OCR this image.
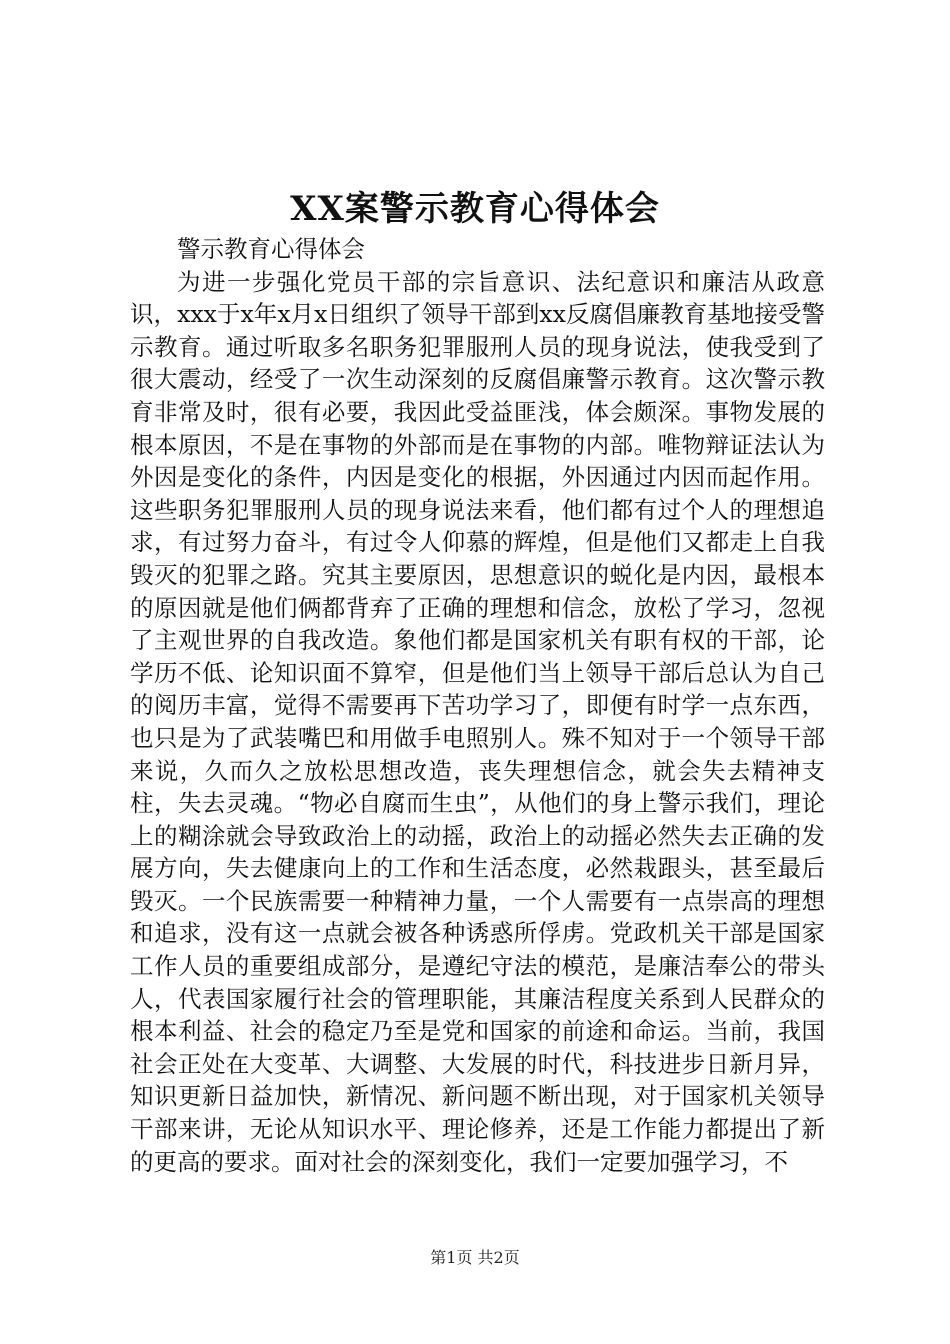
XX案警示教育心得体会

警示教育心得体会

为进一步强化党员干部的宗旨意识、法纪意识和廉洁从政意识，xxx于x年x月x日组织了领导干部到xx反腐倡廉教育基地接受警示教育。通过听取多名职务犯罪服刑人员的现身说法，使我受到了很大震动，经受了一次生动深刻的反腐倡廉警示教育。这次警示教育非常及时，很有必要，我因此受益匪浅，体会颇深。事物发展的根本原因，不是在事物的外部而是在事物的内部。唯物辩证法认为外因是变化的条件，内因是变化的根据，外因通过内因而起作用。这些职务犯罪服刑人员的现身说法来看，他们都有过个人的理想追求，有过努力奋斗，有过令人仰慕的辉煌，但是他们又都走上自我毁灭的犯罪之路。究其主要原因，思想意识的蜕化是内因，最根本的原因就是他们俩都背弃了正确的理想和信念，放松了学习，忽视了主观世界的自我改造。象他们都是国家机关有职有权的干部，论学历不低、论知识面不算窄，但是他们当上领导干部后总认为自己的阅历丰富，觉得不需要再下苦功学习了，即便有时学一点东西，也只是为了武装嘴巴和用做手电照别人。殊不知对于一个领导干部来说，久而久之放松思想改造，丧失理想信念，就会失去精神支柱，失去灵魂。“物必自腐而生虫”，从他们的身上警示我们，理论上的糊涂就会导致政治上的动摇，政治上的动摇必然失去正确的发展方向，失去健康向上的工作和生活态度，必然栽跟头，甚至最后毁灭。一个民族需要一种精神力量，一个人需要有一点崇高的理想和追求，没有这一点就会被各种诱惑所俘虏。党政机关干部是国家工作人员的重要组成部分，是遵纪守法的模范，是廉洁奉公的带头人，代表国家履行社会的管理职能，其廉洁程度关系到人民群众的根本利益、社会的稳定乃至是党和国家的前途和命运。当前，我国社会正处在大变革、大调整、大发展的时代，科技进步日新月异，知识更新日益加快，新情况、新问题不断出现，对于国家机关领导干部来讲，无论从知识水平、理论修养，还是工作能力都提出了新的更高的要求。面对社会的深刻变化，我们一定要加强学习，不

第1页 共2页
